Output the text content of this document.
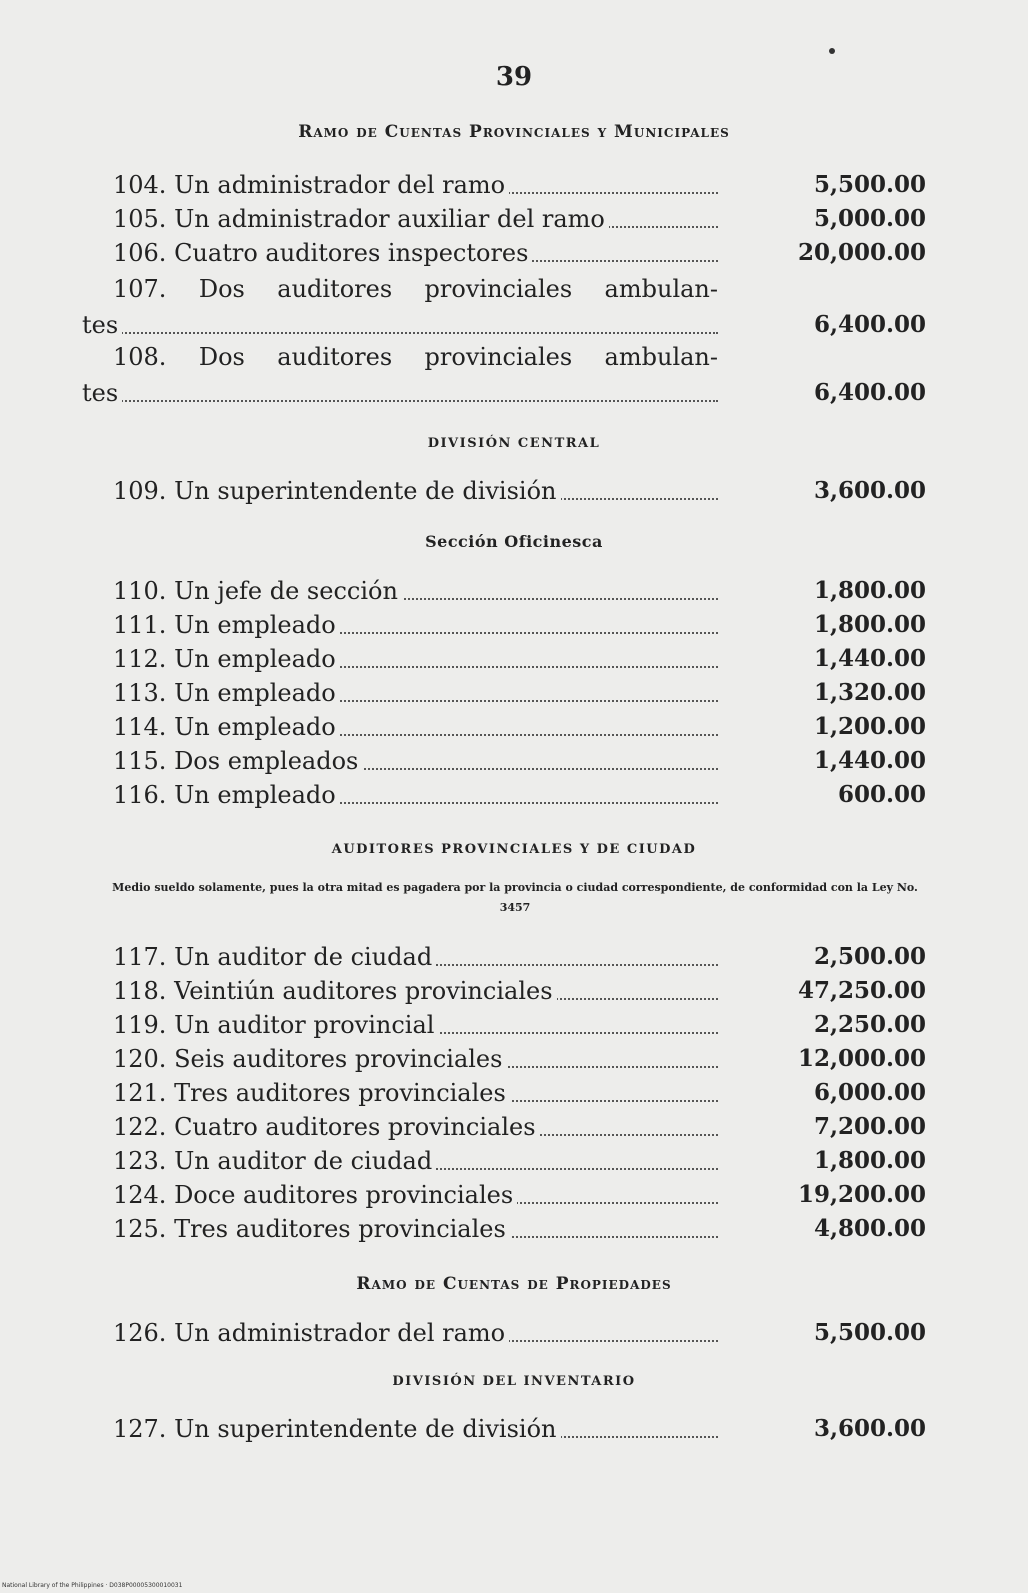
39
Ramo de Cuentas Provinciales y Municipales
104. Un administrador del ramo	5,500.00
105. Un administrador auxiliar del ramo	5,000.00
106. Cuatro auditores inspectores	20,000.00
107. Dos auditores provinciales ambulan-
tes	6,400.00
108. Dos auditores provinciales ambulan-
tes	6,400.00
DIVISIÓN CENTRAL
109. Un superintendente de división	3,600.00
Sección Oficinesca
110. Un jefe de sección	1,800.00
111. Un empleado	1,800.00
112. Un empleado	1,440.00
113. Un empleado	1,320.00
114. Un empleado	1,200.00
115. Dos empleados	1,440.00
116. Un empleado	600.00
AUDITORES PROVINCIALES Y DE CIUDAD
Medio sueldo solamente, pues la otra mitad es pagadera por la provincia o ciudad correspondiente, de conformidad con la Ley No. 3457
117. Un auditor de ciudad	2,500.00
118. Veintiún auditores provinciales	47,250.00
119. Un auditor provincial	2,250.00
120. Seis auditores provinciales	12,000.00
121. Tres auditores provinciales	6,000.00
122. Cuatro auditores provinciales	7,200.00
123. Un auditor de ciudad	1,800.00
124. Doce auditores provinciales	19,200.00
125. Tres auditores provinciales	4,800.00
Ramo de Cuentas de Propiedades
126. Un administrador del ramo	5,500.00
DIVISIÓN DEL INVENTARIO
127. Un superintendente de división	3,600.00
National Library of the Philippines · D038P00005300010031
